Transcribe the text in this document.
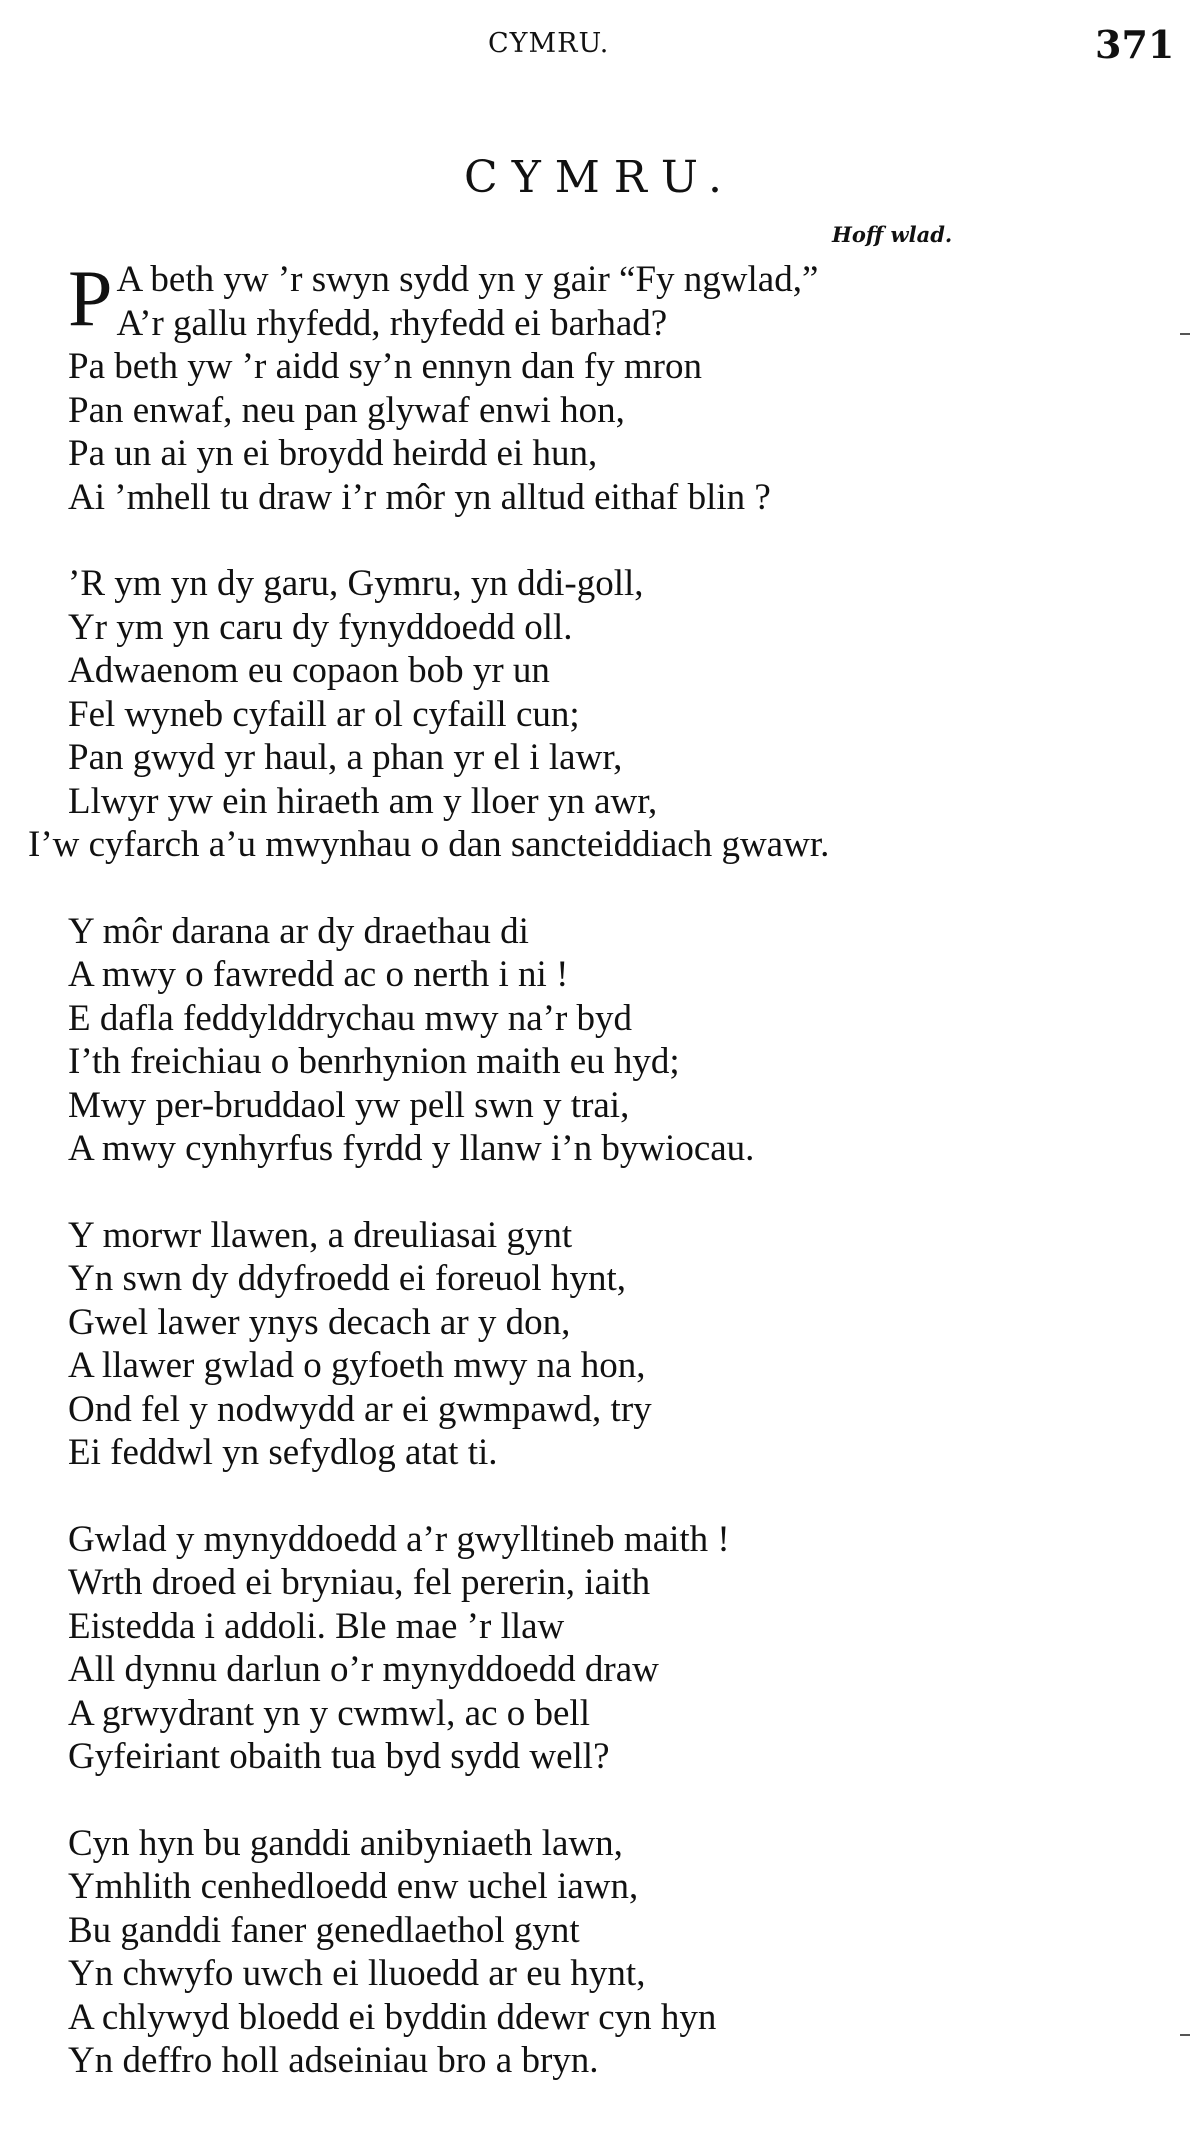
CYMRU.	371
CYMRU.
Hoff wlad.
P A beth yw ’r swyn sydd yn y gair “Fy ngwlad,”
A’r gallu rhyfedd, rhyfedd ei barhad?
Pa beth yw ’r aidd sy’n ennyn dan fy mron
Pan enwaf, neu pan glywaf enwi hon,
Pa un ai yn ei broydd heirdd ei hun,
Ai ’mhell tu draw i’r môr yn alltud eithaf blin ?
’R ym yn dy garu, Gymru, yn ddi-goll,
Yr ym yn caru dy fynyddoedd oll.
Adwaenom eu copaon bob yr un
Fel wyneb cyfaill ar ol cyfaill cun;
Pan gwyd yr haul, a phan yr el i lawr,
Llwyr yw ein hiraeth am y lloer yn awr,
I’w cyfarch a’u mwynhau o dan sancteiddiach gwawr.
Y môr darana ar dy draethau di
A mwy o fawredd ac o nerth i ni !
E dafla feddylddrychau mwy na’r byd
I’th freichiau o benrhynion maith eu hyd;
Mwy per-bruddaol yw pell swn y trai,
A mwy cynhyrfus fyrdd y llanw i’n bywiocau.
Y morwr llawen, a dreuliasai gynt
Yn swn dy ddyfroedd ei foreuol hynt,
Gwel lawer ynys decach ar y don,
A llawer gwlad o gyfoeth mwy na hon,
Ond fel y nodwydd ar ei gwmpawd, try
Ei feddwl yn sefydlog atat ti.
Gwlad y mynyddoedd a’r gwylltineb maith !
Wrth droed ei bryniau, fel pererin, iaith
Eistedda i addoli. Ble mae ’r llaw
All dynnu darlun o’r mynyddoedd draw
A grwydrant yn y cwmwl, ac o bell
Gyfeiriant obaith tua byd sydd well?
Cyn hyn bu ganddi anibyniaeth lawn,
Ymhlith cenhedloedd enw uchel iawn,
Bu ganddi faner genedlaethol gynt
Yn chwyfo uwch ei lluoedd ar eu hynt,
A chlywyd bloedd ei byddin ddewr cyn hyn
Yn deffro holl adseiniau bro a bryn.
